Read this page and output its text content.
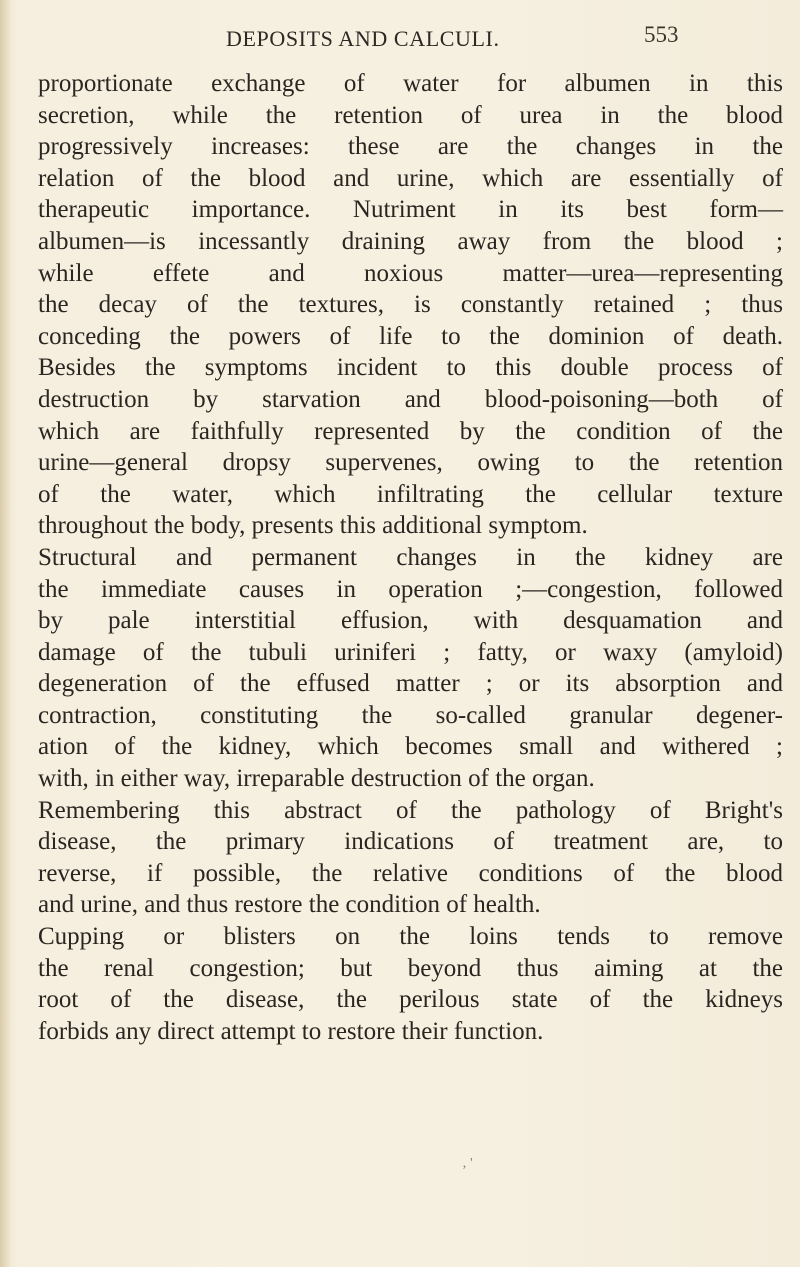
DEPOSITS AND CALCULI.	553
proportionate exchange of water for albumen in this
secretion, while the retention of urea in the blood
progressively increases: these are the changes in the
relation of the blood and urine, which are essentially of
therapeutic importance. Nutriment in its best form—
albumen—is incessantly draining away from the blood ;
while effete and noxious matter—urea—representing
the decay of the textures, is constantly retained ; thus
conceding the powers of life to the dominion of death.
Besides the symptoms incident to this double process of
destruction by starvation and blood-poisoning—both of
which are faithfully represented by the condition of the
urine—general dropsy supervenes, owing to the retention
of the water, which infiltrating the cellular texture
throughout the body, presents this additional symptom.
Structural and permanent changes in the kidney are
the immediate causes in operation ;—congestion, followed
by pale interstitial effusion, with desquamation and
damage of the tubuli uriniferi ; fatty, or waxy (amyloid)
degeneration of the effused matter ; or its absorption and
contraction, constituting the so-called granular degener-
ation of the kidney, which becomes small and withered ;
with, in either way, irreparable destruction of the organ.
Remembering this abstract of the pathology of Bright's
disease, the primary indications of treatment are, to
reverse, if possible, the relative conditions of the blood
and urine, and thus restore the condition of health.
Cupping or blisters on the loins tends to remove
the renal congestion; but beyond thus aiming at the
root of the disease, the perilous state of the kidneys
forbids any direct attempt to restore their function.
‚ '
